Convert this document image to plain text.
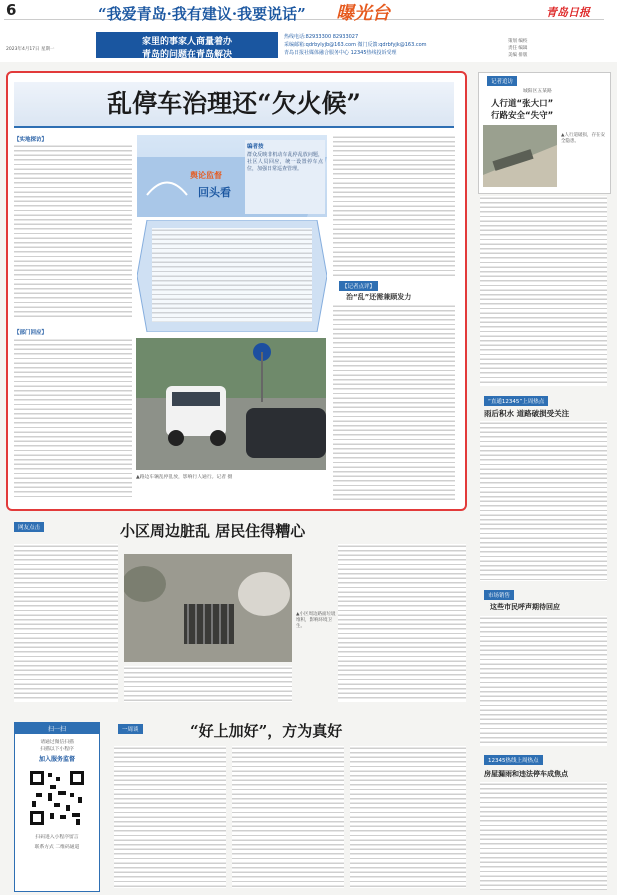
6	“我爱青岛·我有建议·我要说话” 曝光台	青岛日报
2023年4月17日 星期一
家里的事家人商量着办
青岛的问题在青岛解决
热线电话:82933300 82933027
采编邮箱:qdrbylyjb@163.com 微门反馈:qdrbfyjk@163.com
青岛日报社媒体融合服务中心 12345热线投诉受理
策划 编校
责任 编辑
美编 排版
乱停车治理还“欠火候”
【实地探访】
【部门回应】
舆论监督
回头看
编者按
群众反映非机动车乱停乱放问题，社区人员回应，统一设置停车点位，加强日常巡查管理。
▲路边车辆乱停乱放，影响行人通行。记者 摄
【记者点评】
治“乱”还需兼顾发力
记者追访
城阳区五某路
人行道“张大口”
行路安全“失守”
▲人行道破损，存在安全隐患。
“直通12345”上周热点
雨后积水 道路破损受关注
市场销售
这些市民呼声期待回应
12345热线上周热点
房屋漏雨和违法停车成焦点
网友点击	小区周边脏乱 居民住得糟心
▲小区周边路面垃圾堆积，影响环境卫生。
扫一扫
请通过微信扫描
扫描以下小程序
加入服务监督
扫码进入小程序留言
联系方式 二维码通道
一周谈	“好上加好”，方为真好
